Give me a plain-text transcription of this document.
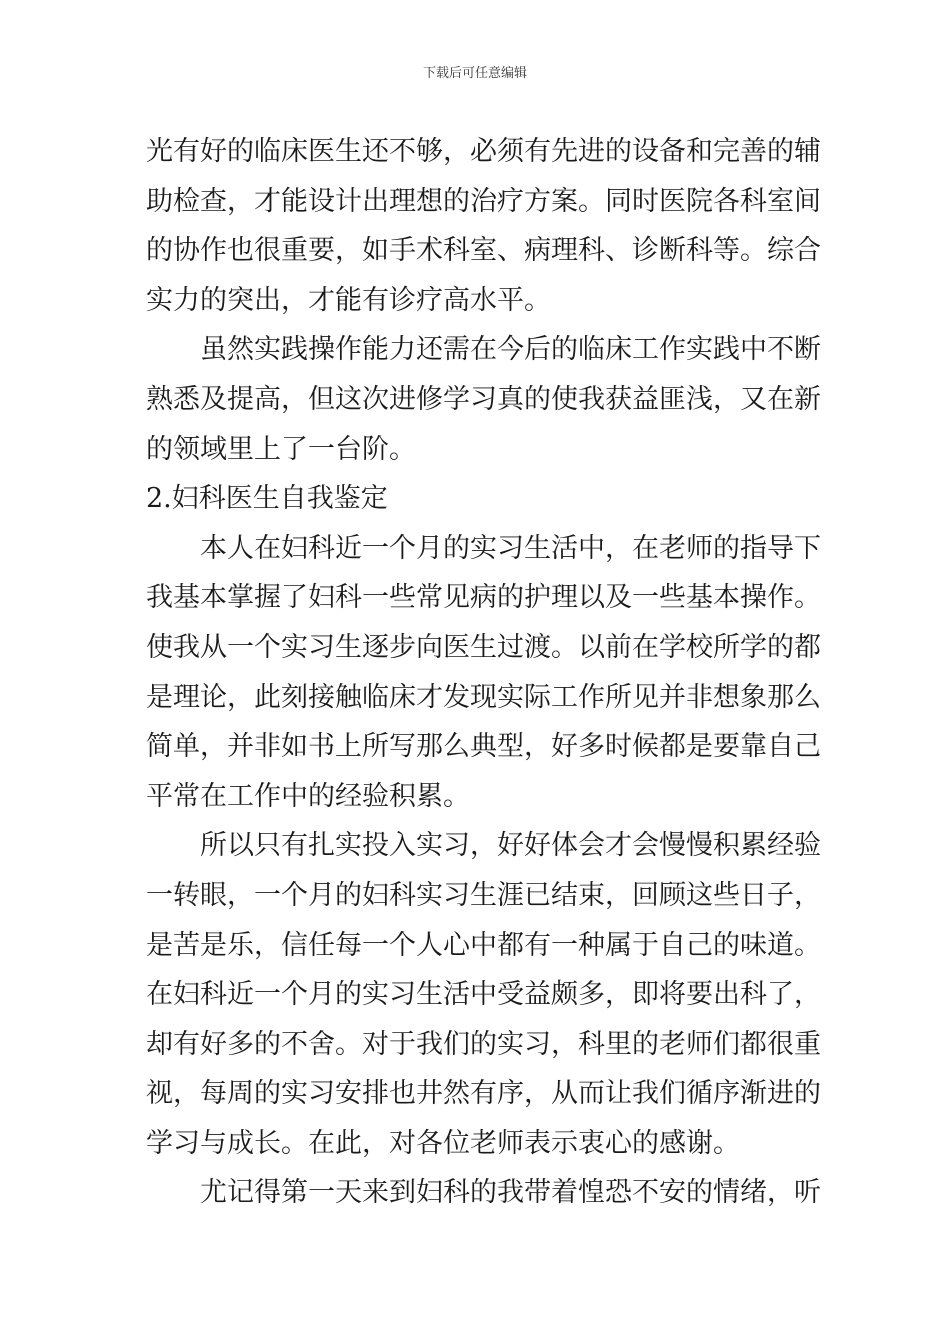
下载后可任意编辑
光有好的临床医生还不够，必须有先进的设备和完善的辅
助检查，才能设计出理想的治疗方案。同时医院各科室间
的协作也很重要，如手术科室、病理科、诊断科等。综合
实力的突出，才能有诊疗高水平。
虽然实践操作能力还需在今后的临床工作实践中不断
熟悉及提高，但这次进修学习真的使我获益匪浅，又在新
的领域里上了一台阶。
2.妇科医生自我鉴定
本人在妇科近一个月的实习生活中，在老师的指导下
我基本掌握了妇科一些常见病的护理以及一些基本操作。
使我从一个实习生逐步向医生过渡。以前在学校所学的都
是理论，此刻接触临床才发现实际工作所见并非想象那么
简单，并非如书上所写那么典型，好多时候都是要靠自己
平常在工作中的经验积累。
所以只有扎实投入实习，好好体会才会慢慢积累经验
一转眼，一个月的妇科实习生涯已结束，回顾这些日子，
是苦是乐，信任每一个人心中都有一种属于自己的味道。
在妇科近一个月的实习生活中受益颇多，即将要出科了，
却有好多的不舍。对于我们的实习，科里的老师们都很重
视，每周的实习安排也井然有序，从而让我们循序渐进的
学习与成长。在此，对各位老师表示衷心的感谢。
尤记得第一天来到妇科的我带着惶恐不安的情绪，听
